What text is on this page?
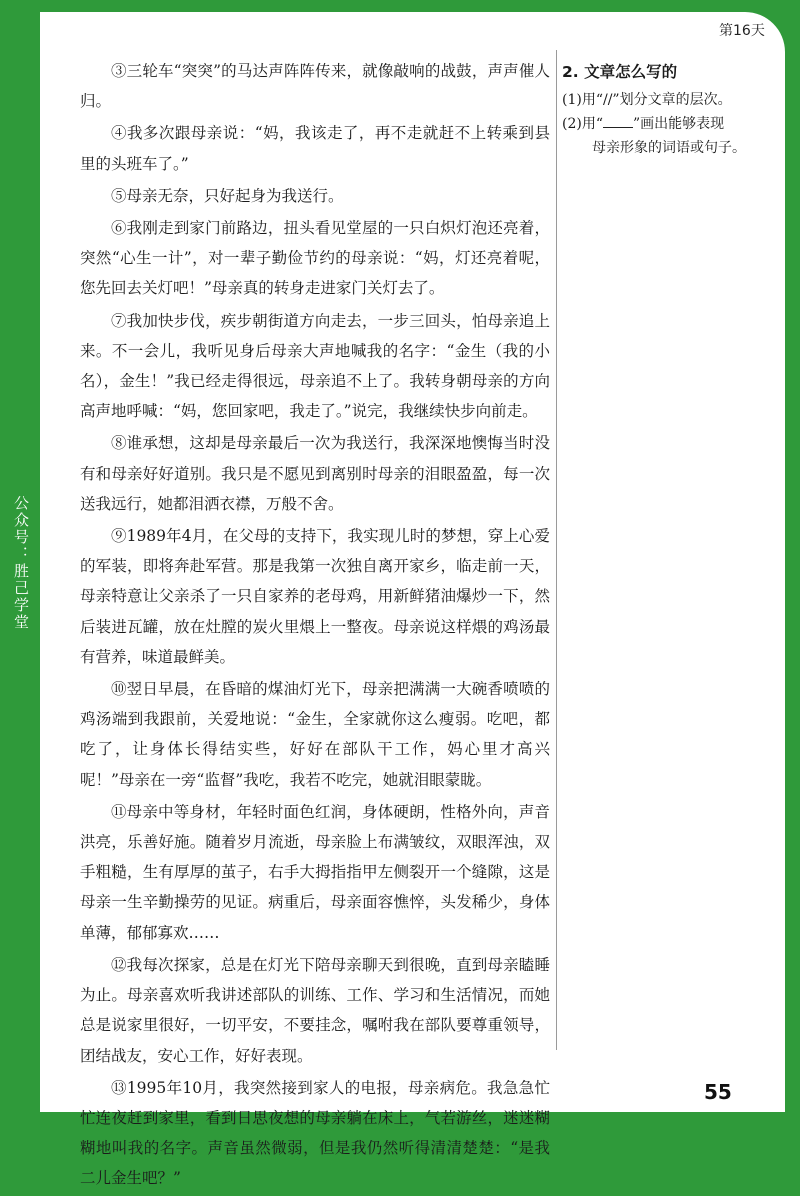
第16天

③三轮车“突突”的马达声阵阵传来，就像敲响的战鼓，声声催人归。

④我多次跟母亲说：“妈，我该走了，再不走就赶不上转乘到县里的头班车了。”

⑤母亲无奈，只好起身为我送行。

⑥我刚走到家门前路边，扭头看见堂屋的一只白炽灯泡还亮着，突然“心生一计”，对一辈子勤俭节约的母亲说：“妈，灯还亮着呢，您先回去关灯吧！”母亲真的转身走进家门关灯去了。

⑦我加快步伐，疾步朝街道方向走去，一步三回头，怕母亲追上来。不一会儿，我听见身后母亲大声地喊我的名字：“金生（我的小名），金生！”我已经走得很远，母亲追不上了。我转身朝母亲的方向高声地呼喊：“妈，您回家吧，我走了。”说完，我继续快步向前走。

⑧谁承想，这却是母亲最后一次为我送行，我深深地懊悔当时没有和母亲好好道别。我只是不愿见到离别时母亲的泪眼盈盈，每一次送我远行，她都泪洒衣襟，万般不舍。

⑨1989年4月，在父母的支持下，我实现儿时的梦想，穿上心爱的军装，即将奔赴军营。那是我第一次独自离开家乡，临走前一天，母亲特意让父亲杀了一只自家养的老母鸡，用新鲜猪油爆炒一下，然后装进瓦罐，放在灶膛的炭火里煨上一整夜。母亲说这样煨的鸡汤最有营养，味道最鲜美。

⑩翌日早晨，在昏暗的煤油灯光下，母亲把满满一大碗香喷喷的鸡汤端到我跟前，关爱地说：“金生，全家就你这么瘦弱。吃吧，都吃了，让身体长得结实些，好好在部队干工作，妈心里才高兴呢！”母亲在一旁“监督”我吃，我若不吃完，她就泪眼蒙眬。

⑪母亲中等身材，年轻时面色红润，身体硬朗，性格外向，声音洪亮，乐善好施。随着岁月流逝，母亲脸上布满皱纹，双眼浑浊，双手粗糙，生有厚厚的茧子，右手大拇指指甲左侧裂开一个缝隙，这是母亲一生辛勤操劳的见证。病重后，母亲面容憔悴，头发稀少，身体单薄，郁郁寡欢……

⑫我每次探家，总是在灯光下陪母亲聊天到很晚，直到母亲瞌睡为止。母亲喜欢听我讲述部队的训练、工作、学习和生活情况，而她总是说家里很好，一切平安，不要挂念，嘱咐我在部队要尊重领导，团结战友，安心工作，好好表现。

⑬1995年10月，我突然接到家人的电报，母亲病危。我急急忙忙连夜赶到家里，看到日思夜想的母亲躺在床上，气若游丝，迷迷糊糊地叫我的名字。声音虽然微弱，但是我仍然听得清清楚楚：“是我二儿金生吧？”

2. 文章怎么写的
(1)用“//”划分文章的层次。
(2)用“ ”画出能够表现
母亲形象的词语或句子。
公众号：胜己学堂
55
